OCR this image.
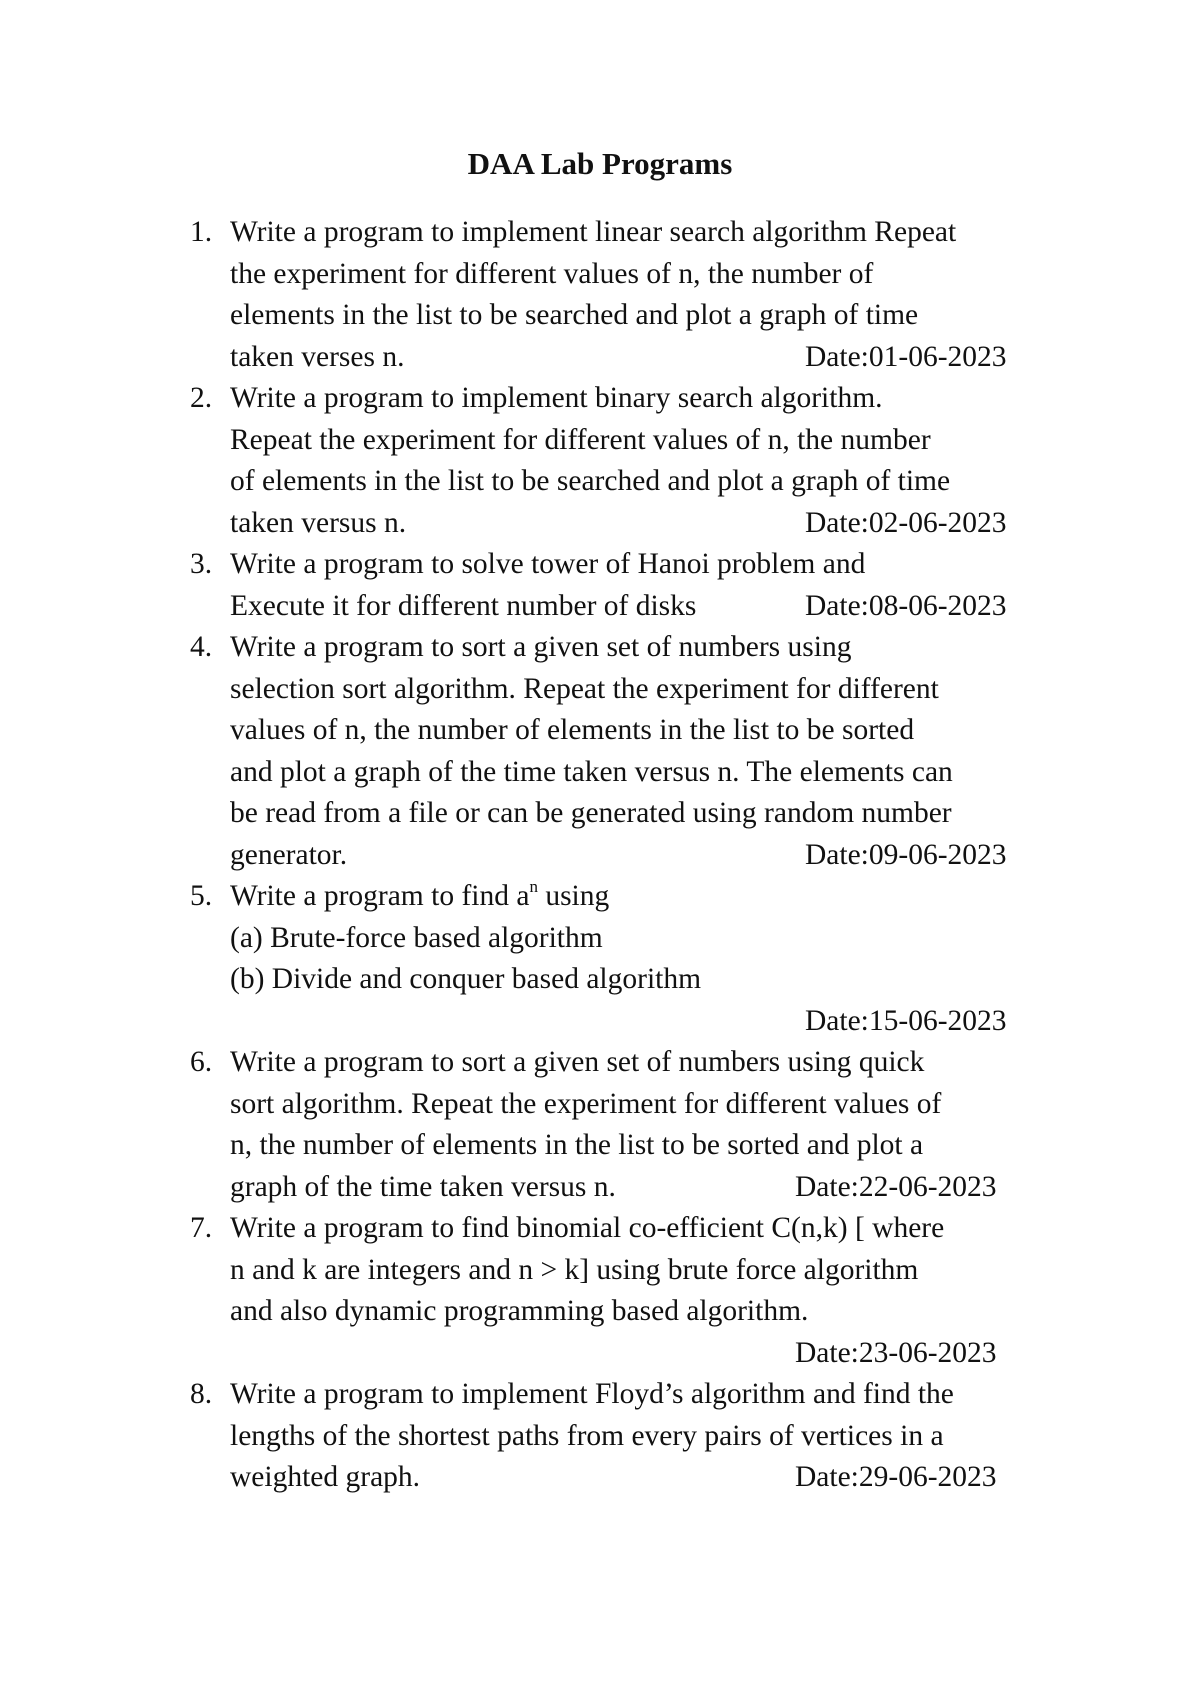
DAA Lab Programs
1. Write a program to implement linear search algorithm Repeat
the experiment for different values of n, the number of
elements in the list to be searched and plot a graph of time
taken verses n.	Date:01-06-2023
2. Write a program to implement binary search algorithm.
Repeat the experiment for different values of n, the number
of elements in the list to be searched and plot a graph of time
taken versus n.	Date:02-06-2023
3. Write a program to solve tower of Hanoi problem and
Execute it for different number of disks	Date:08-06-2023
4. Write a program to sort a given set of numbers using
selection sort algorithm. Repeat the experiment for different
values of n, the number of elements in the list to be sorted
and plot a graph of the time taken versus n. The elements can
be read from a file or can be generated using random number
generator.	Date:09-06-2023
5. Write a program to find $a^n$ using
(a) Brute-force based algorithm
(b) Divide and conquer based algorithm
Date:15-06-2023
6. Write a program to sort a given set of numbers using quick
sort algorithm. Repeat the experiment for different values of
n, the number of elements in the list to be sorted and plot a
graph of the time taken versus n.	Date:22-06-2023
7. Write a program to find binomial co-efficient C(n,k) [ where
n and k are integers and n > k] using brute force algorithm
and also dynamic programming based algorithm.
Date:23-06-2023
8. Write a program to implement Floyd’s algorithm and find the
lengths of the shortest paths from every pairs of vertices in a
weighted graph.	Date:29-06-2023
